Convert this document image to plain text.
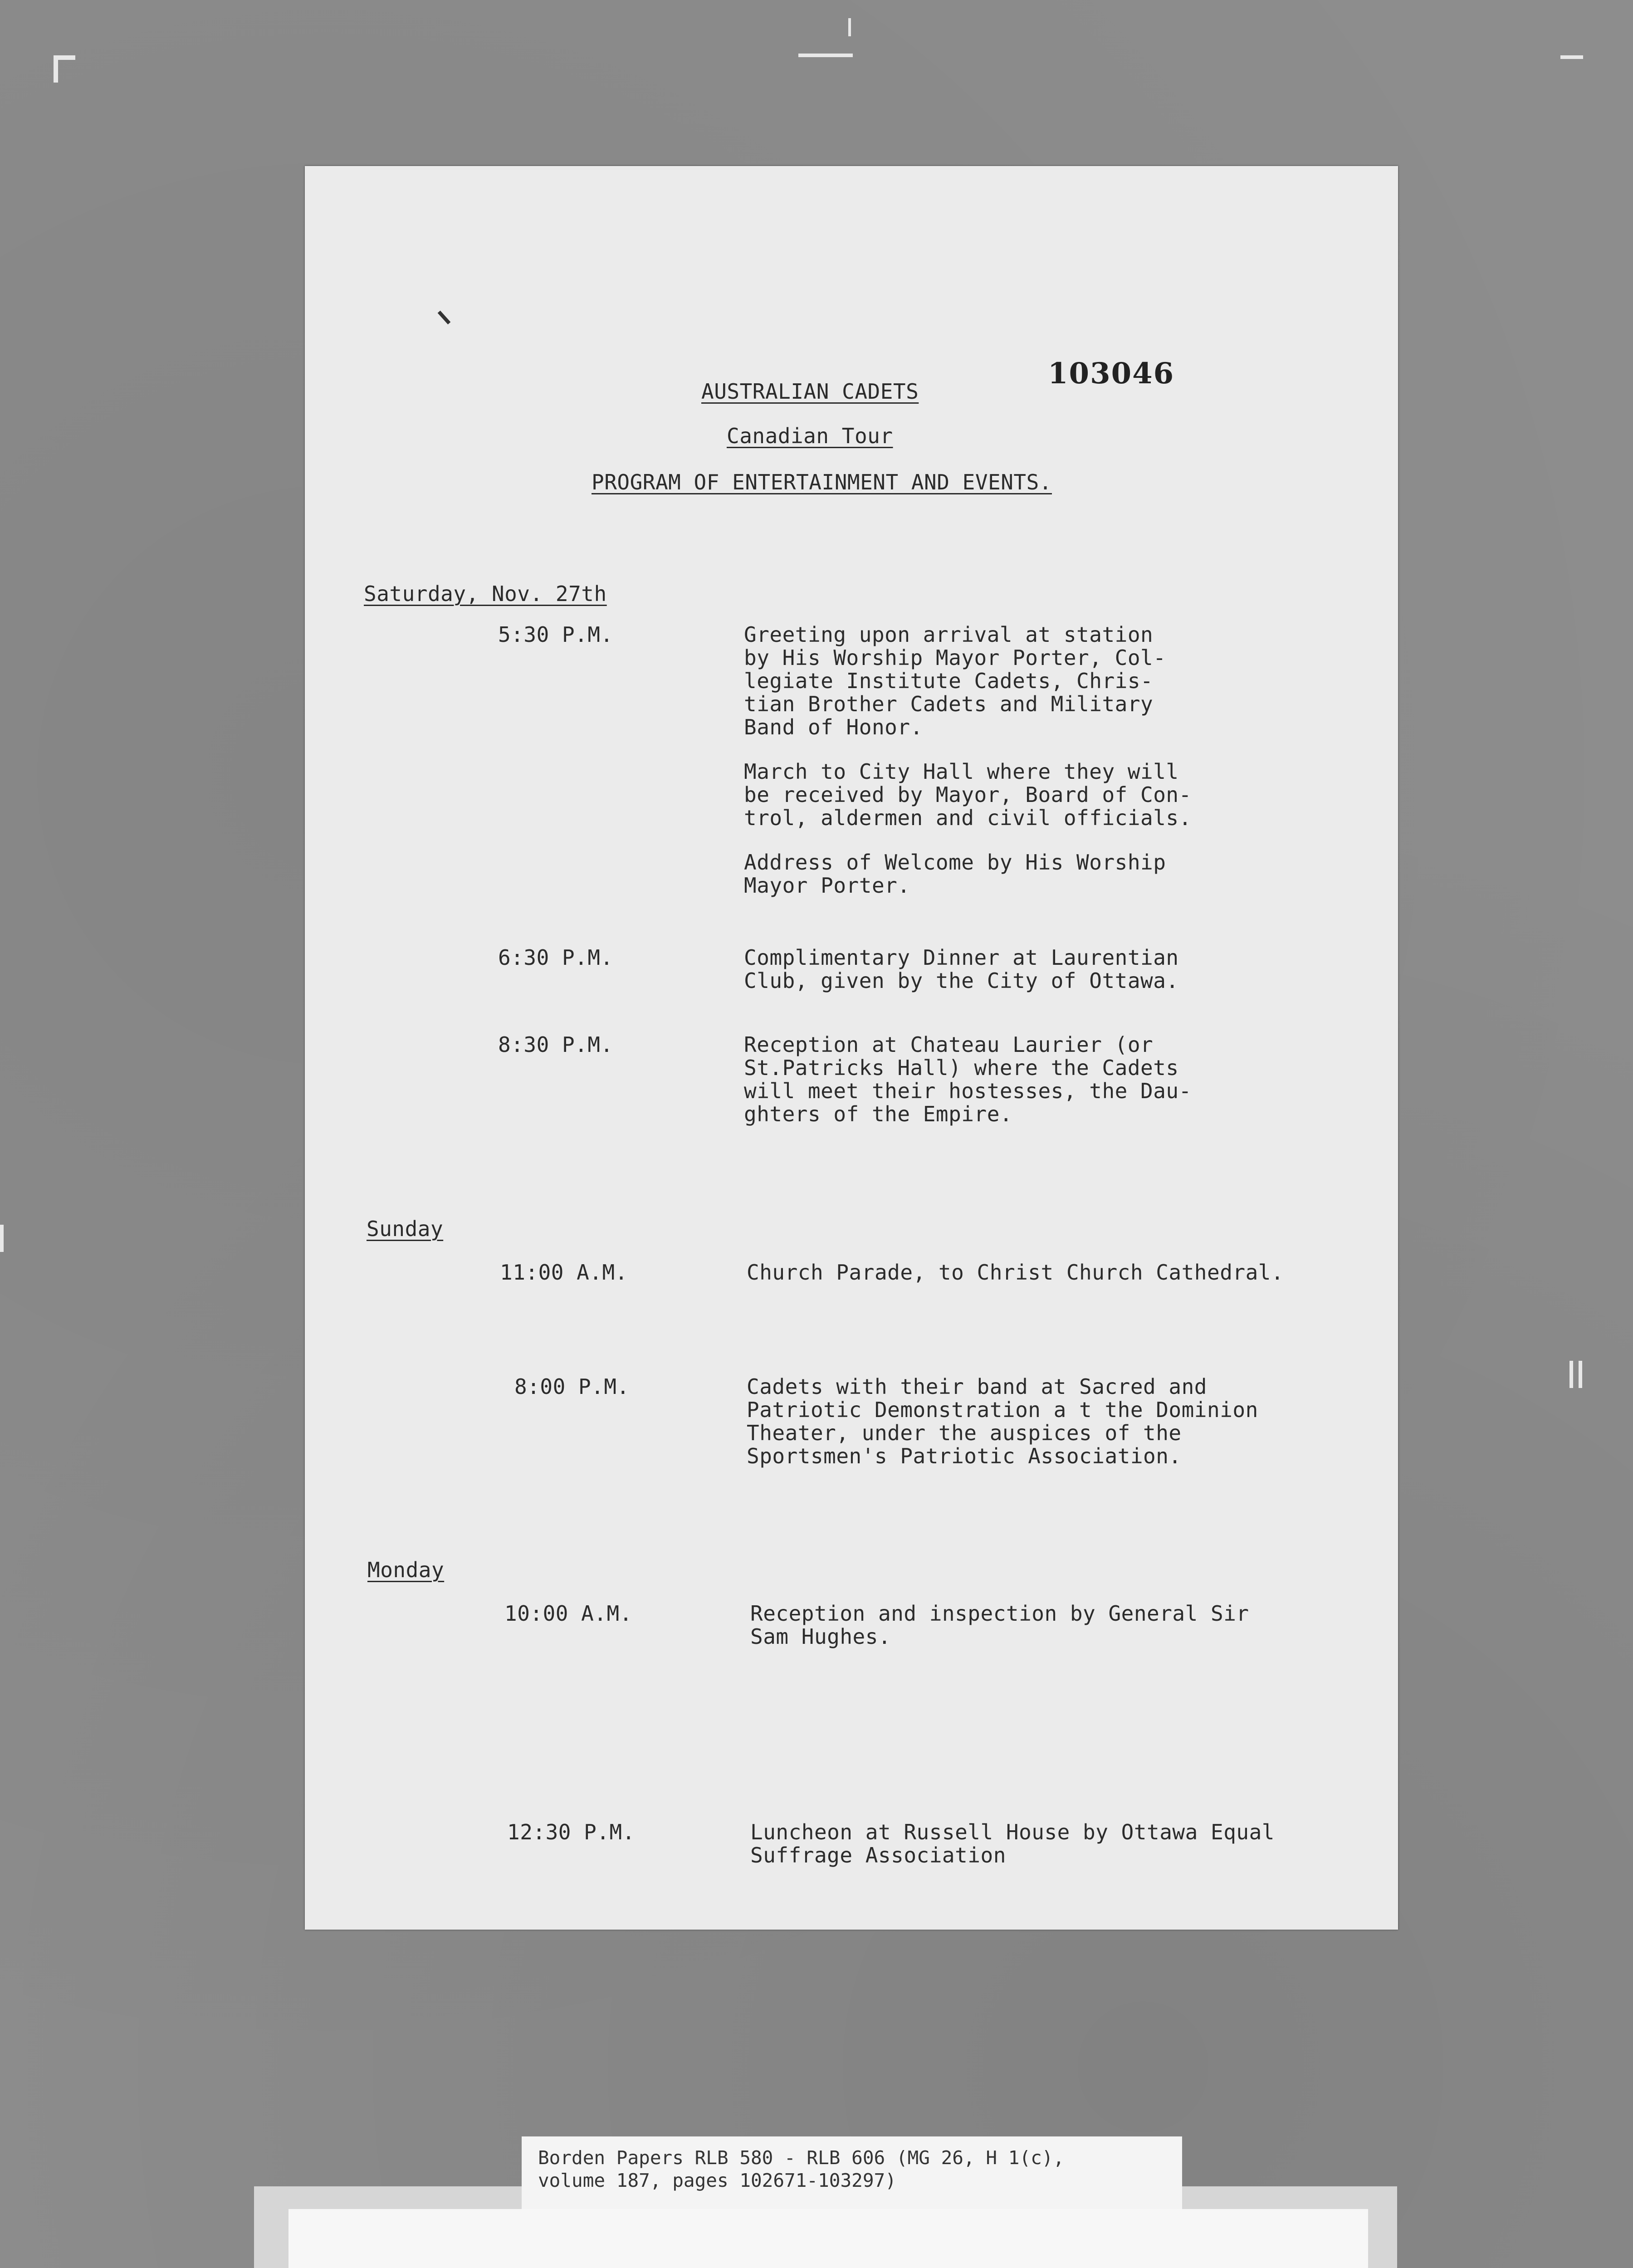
AUSTRALIAN CADETS
103046
Canadian Tour
PROGRAM OF ENTERTAINMENT AND EVENTS.
Saturday, Nov. 27th
5:30 P.M.	Greeting upon arrival at station
by His Worship Mayor Porter, Col-
legiate Institute Cadets, Chris-
tian Brother Cadets and Military
Band of Honor.
March to City Hall where they will
be received by Mayor, Board of Con-
trol, aldermen and civil officials.
Address of Welcome by His Worship
Mayor Porter.
6:30 P.M.	Complimentary Dinner at Laurentian
Club, given by the City of Ottawa.
8:30 P.M.	Reception at Chateau Laurier (or
St.Patricks Hall) where the Cadets
will meet their hostesses, the Dau-
ghters of the Empire.
Sunday
11:00 A.M.	Church Parade, to Christ Church Cathedral.
8:00 P.M.	Cadets with their band at Sacred and
Patriotic Demonstration a t the Dominion
Theater, under the auspices of the
Sportsmen's Patriotic Association.
Monday
10:00 A.M.	Reception and inspection by General Sir
Sam Hughes.
12:30 P.M.	Luncheon at Russell House by Ottawa Equal
Suffrage Association
Borden Papers RLB 580 - RLB 606 (MG 26, H 1(c),
volume 187, pages 102671-103297)
